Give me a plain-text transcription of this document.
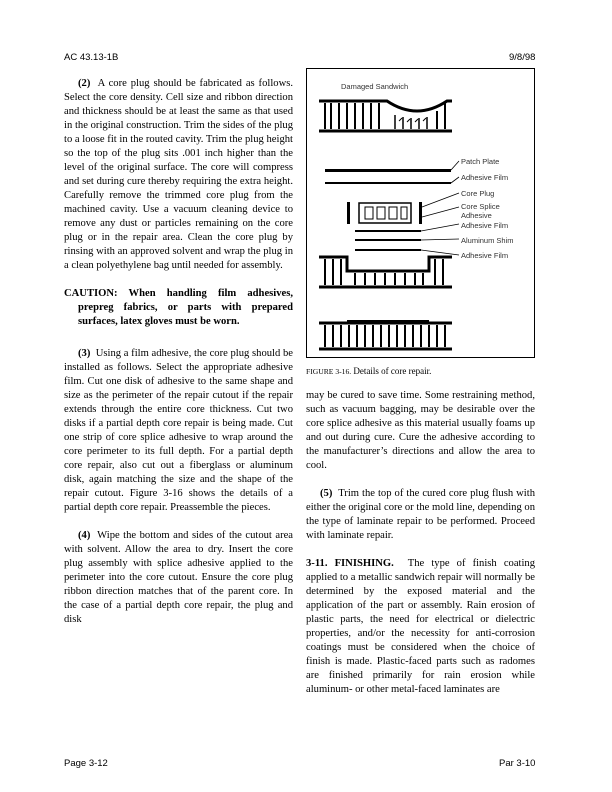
AC 43.13-1B	9/8/98

(2) A core plug should be fabricated as follows. Select the core density. Cell size and ribbon direction and thickness should be at least the same as that used in the original construction. Trim the sides of the plug to a loose fit in the routed cavity. Trim the plug height so the top of the plug sits .001 inch higher than the level of the original surface. The core will compress and set during cure thereby requiring the extra height. Carefully remove the trimmed core plug from the machined cavity. Use a vacuum cleaning device to remove any dust or particles remaining on the core plug or in the repair area. Clean the core plug by rinsing with an approved solvent and wrap the plug in a clean polyethylene bag until needed for assembly.

CAUTION: When handling film adhesives, prepreg fabrics, or parts with prepared surfaces, latex gloves must be worn.

(3) Using a film adhesive, the core plug should be installed as follows. Select the appropriate adhesive film. Cut one disk of adhesive to the same shape and size as the perimeter of the repair cutout if the repair extends through the entire core thickness. Cut two disks if a partial depth core repair is being made. Cut one strip of core splice adhesive to wrap around the core perimeter to its full depth. For a partial depth core repair, also cut out a fiberglass or aluminum disk, again matching the size and the shape of the repair cutout. Figure 3-16 shows the details of a partial depth core repair. Preassemble the pieces.

(4) Wipe the bottom and sides of the cutout area with solvent. Allow the area to dry. Insert the core plug assembly with splice adhesive applied to the perimeter into the core cutout. Ensure the core plug ribbon direction matches that of the parent core. In the case of a partial depth core repair, the plug and disk

Damaged Sandwich
Patch Plate
Adhesive Film
Core Plug
Core Splice
Adhesive
Adhesive Film
Aluminum Shim
Adhesive Film
FIGURE 3-16. Details of core repair.

may be cured to save time. Some restraining method, such as vacuum bagging, may be desirable over the core splice adhesive as this material usually foams up and out during cure. Cure the adhesive according to the manufacturer’s directions and allow the area to cool.

(5) Trim the top of the cured core plug flush with either the original core or the mold line, depending on the type of laminate repair to be performed. Proceed with laminate repair.

3-11. FINISHING. The type of finish coating applied to a metallic sandwich repair will normally be determined by the exposed material and the application of the part or assembly. Rain erosion of plastic parts, the need for electrical or dielectric properties, and/or the necessity for anti-corrosion coatings must be considered when the choice of finish is made. Plastic-faced parts such as radomes are finished primarily for rain erosion while aluminum- or other metal-faced laminates are

Page 3-12	Par 3-10
